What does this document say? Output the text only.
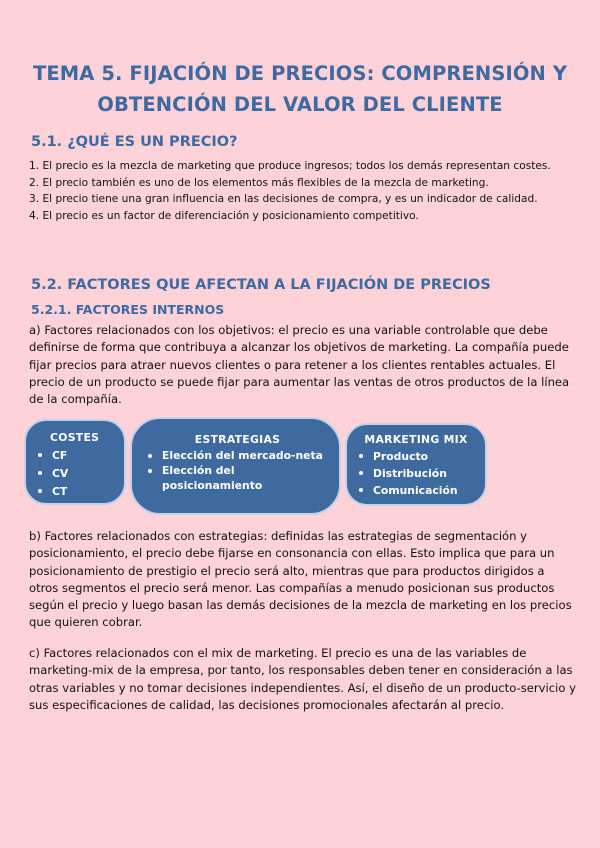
TEMA 5. FIJACIÓN DE PRECIOS: COMPRENSIÓN Y
OBTENCIÓN DEL VALOR DEL CLIENTE
5.1. ¿QUÉ ES UN PRECIO?

1. El precio es la mezcla de marketing que produce ingresos; todos los demás representan costes.

2. El precio también es uno de los elementos más flexibles de la mezcla de marketing.

3. El precio tiene una gran influencia en las decisiones de compra, y es un indicador de calidad.

4. El precio es un factor de diferenciación y posicionamiento competitivo.

5.2. FACTORES QUE AFECTAN A LA FIJACIÓN DE PRECIOS
5.2.1. FACTORES INTERNOS

a) Factores relacionados con los objetivos: el precio es una variable controlable que debe definirse de forma que contribuya a alcanzar los objetivos de marketing. La compañía puede fijar precios para atraer nuevos clientes o para retener a los clientes rentables actuales. El precio de un producto se puede fijar para aumentar las ventas de otros productos de la línea de la compañía.

COSTES
CF
CV
CT
ESTRATEGIAS
Elección del mercado-neta
Elección del posicionamiento
MARKETING MIX
Producto
Distribución
Comunicación

b) Factores relacionados con estrategias: definidas las estrategias de segmentación y posicionamiento, el precio debe fijarse en consonancia con ellas. Esto implica que para un posicionamiento de prestigio el precio será alto, mientras que para productos dirigidos a otros segmentos el precio será menor. Las compañías a menudo posicionan sus productos según el precio y luego basan las demás decisiones de la mezcla de marketing en los precios que quieren cobrar.

c) Factores relacionados con el mix de marketing. El precio es una de las variables de marketing-mix de la empresa, por tanto, los responsables deben tener en consideración a las otras variables y no tomar decisiones independientes. Así, el diseño de un producto-servicio y sus especificaciones de calidad, las decisiones promocionales afectarán al precio.
